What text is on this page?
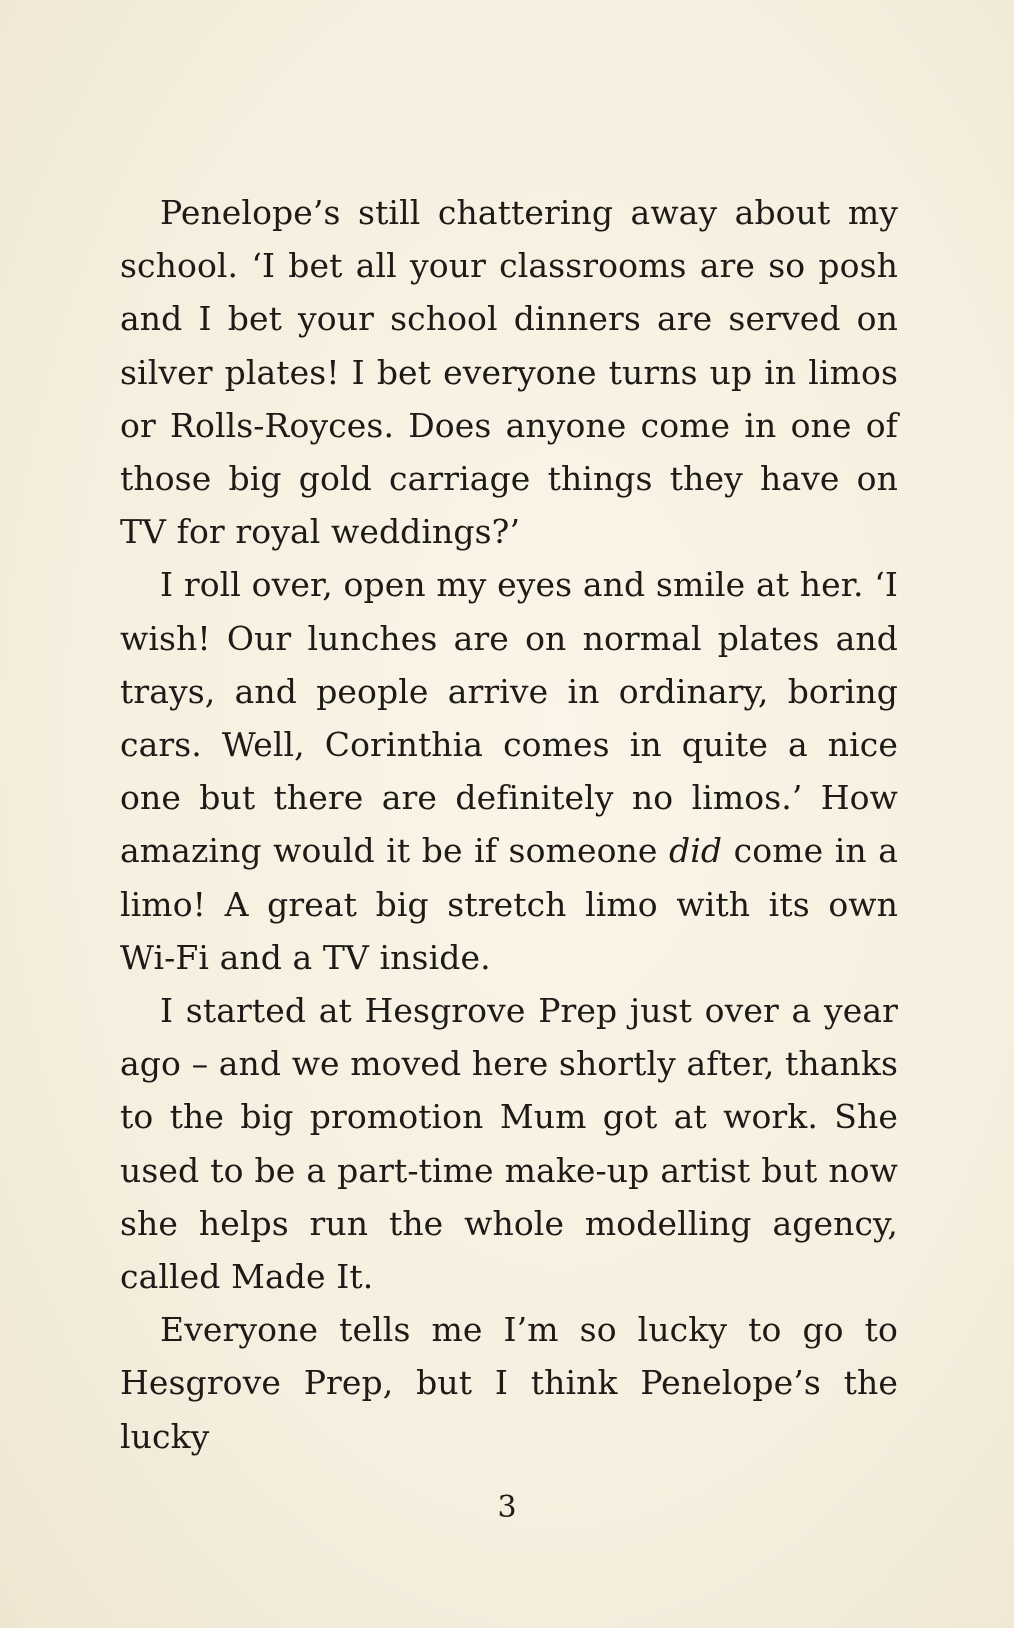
Penelope’s still chattering away about my school. ‘I bet all your classrooms are so posh and I bet your school dinners are served on silver plates! I bet everyone turns up in limos or Rolls-Royces. Does anyone come in one of those big gold carriage things they have on TV for royal weddings?’

I roll over, open my eyes and smile at her. ‘I wish! Our lunches are on normal plates and trays, and people arrive in ordinary, boring cars. Well, Corinthia comes in quite a nice one but there are definitely no limos.’ How amazing would it be if someone did come in a limo! A great big stretch limo with its own Wi-Fi and a TV inside.

I started at Hesgrove Prep just over a year ago – and we moved here shortly after, thanks to the big promotion Mum got at work. She used to be a part-time make-up artist but now she helps run the whole modelling agency, called Made It.

Everyone tells me I’m so lucky to go to Hesgrove Prep, but I think Penelope’s the lucky

3
